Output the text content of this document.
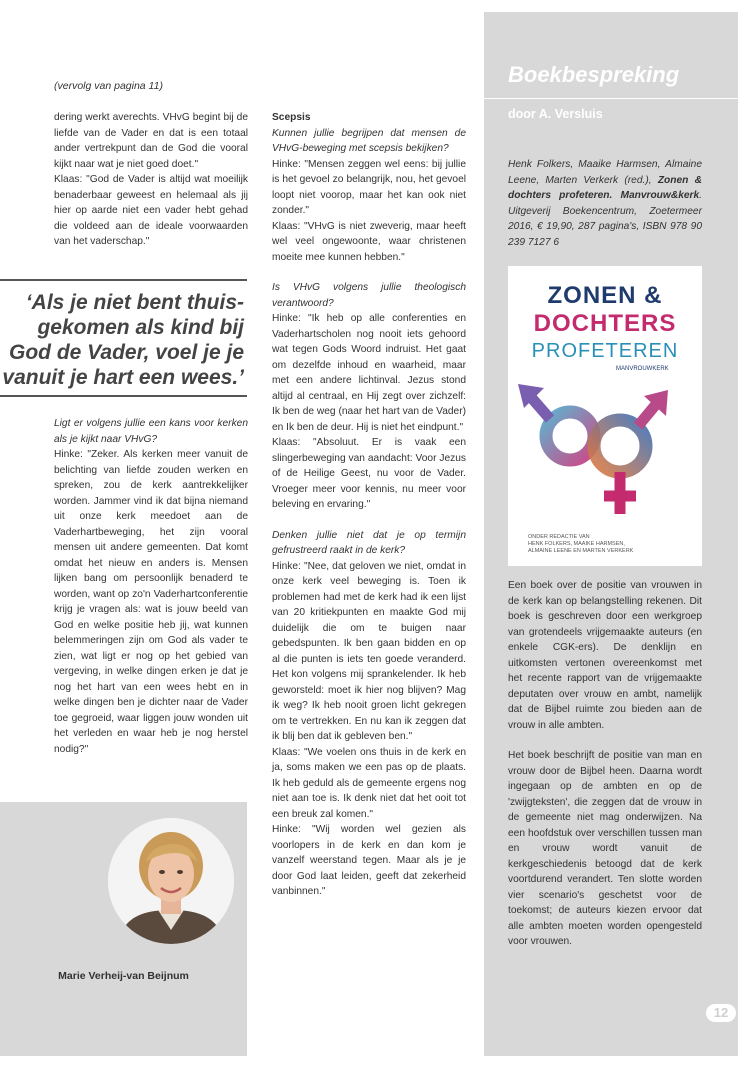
(vervolg van pagina 11)

dering werkt averechts. VHvG begint bij de liefde van de Vader en dat is een totaal ander vertrekpunt dan de God die vooral kijkt naar wat je niet goed doet."

Klaas: "God de Vader is altijd wat moeilijk benaderbaar geweest en helemaal als jij hier op aarde niet een vader hebt gehad die voldeed aan de ideale voorwaarden van het vaderschap."

‘Als je niet bent thuis-gekomen als kind bij God de Vader, voel je je vanuit je hart een wees.’

Ligt er volgens jullie een kans voor kerken als je kijkt naar VHvG?

Hinke: "Zeker. Als kerken meer vanuit de belichting van liefde zouden werken en spreken, zou de kerk aantrekkelijker worden. Jammer vind ik dat bijna niemand uit onze kerk meedoet aan de Vaderhartbeweging, het zijn vooral mensen uit andere gemeenten. Dat komt omdat het nieuw en anders is. Mensen lijken bang om persoonlijk benaderd te worden, want op zo'n Vaderhartconferentie krijg je vragen als: wat is jouw beeld van God en welke positie heb jij, wat kunnen belemmeringen zijn om God als vader te zien, wat ligt er nog op het gebied van vergeving, in welke dingen erken je dat je nog het hart van een wees hebt en in welke dingen ben je dichter naar de Vader toe gegroeid, waar liggen jouw wonden uit het verleden en waar heb je nog herstel nodig?"

Marie Verheij-van Beijnum

Scepsis

Kunnen jullie begrijpen dat mensen de VHvG-beweging met scepsis bekijken?

Hinke: "Mensen zeggen wel eens: bij jullie is het gevoel zo belangrijk, nou, het gevoel loopt niet voorop, maar het kan ook niet zonder."

Klaas: "VHvG is niet zweverig, maar heeft wel veel ongewoonte, waar christenen moeite mee kunnen hebben."

Is VHvG volgens jullie theologisch verantwoord?

Hinke: "Ik heb op alle conferenties en Vaderhartscholen nog nooit iets gehoord wat tegen Gods Woord indruist. Het gaat om dezelfde inhoud en waarheid, maar met een andere lichtinval. Jezus stond altijd al centraal, en Hij zegt over zichzelf: Ik ben de weg (naar het hart van de Vader) en Ik ben de deur. Hij is niet het eindpunt."

Klaas: "Absoluut. Er is vaak een slingerbeweging van aandacht: Voor Jezus of de Heilige Geest, nu voor de Vader. Vroeger meer voor kennis, nu meer voor beleving en ervaring."

Denken jullie niet dat je op termijn gefrustreerd raakt in de kerk?

Hinke: "Nee, dat geloven we niet, omdat in onze kerk veel beweging is. Toen ik problemen had met de kerk had ik een lijst van 20 kritiekpunten en maakte God mij duidelijk die om te buigen naar gebedspunten. Ik ben gaan bidden en op al die punten is iets ten goede veranderd. Het kon volgens mij sprankelender. Ik heb geworsteld: moet ik hier nog blijven? Mag ik weg? Ik heb nooit groen licht gekregen om te vertrekken. En nu kan ik zeggen dat ik blij ben dat ik gebleven ben."

Klaas: "We voelen ons thuis in de kerk en ja, soms maken we een pas op de plaats. Ik heb geduld als de gemeente ergens nog niet aan toe is. Ik denk niet dat het ooit tot een breuk zal komen."

Hinke: "Wij worden wel gezien als voorlopers in de kerk en dan kom je vanzelf weerstand tegen. Maar als je je door God laat leiden, geeft dat zekerheid vanbinnen."

Boekbespreking
door A. Versluis
Henk Folkers, Maaike Harmsen, Almaine Leene, Marten Verkerk (red.), Zonen & dochters profeteren. Manvrouw&kerk. Uitgeverij Boekencentrum, Zoetermeer 2016, € 19,90, 287 pagina's, ISBN 978 90 239 7127 6
ZONEN &
DOCHTERS
PROFETEREN
MANVROUWKERK
ONDER REDACTIE VAN
HENK FOLKERS, MAAIKE HARMSEN,
ALMAINE LEENE EN MARTEN VERKERK

Een boek over de positie van vrouwen in de kerk kan op belangstelling rekenen. Dit boek is geschreven door een werkgroep van grotendeels vrijgemaakte auteurs (en enkele CGK-ers). De denklijn en uitkomsten vertonen overeenkomst met het recente rapport van de vrijgemaakte deputaten over vrouw en ambt, namelijk dat de Bijbel ruimte zou bieden aan de vrouw in alle ambten.

Het boek beschrijft de positie van man en vrouw door de Bijbel heen. Daarna wordt ingegaan op de ambten en op de 'zwijgteksten', die zeggen dat de vrouw in de gemeente niet mag onderwijzen. Na een hoofdstuk over verschillen tussen man en vrouw wordt vanuit de kerkgeschiedenis betoogd dat de kerk voortdurend verandert. Ten slotte worden vier scenario's geschetst voor de toekomst; de auteurs kiezen ervoor dat alle ambten moeten worden opengesteld voor vrouwen.

12
